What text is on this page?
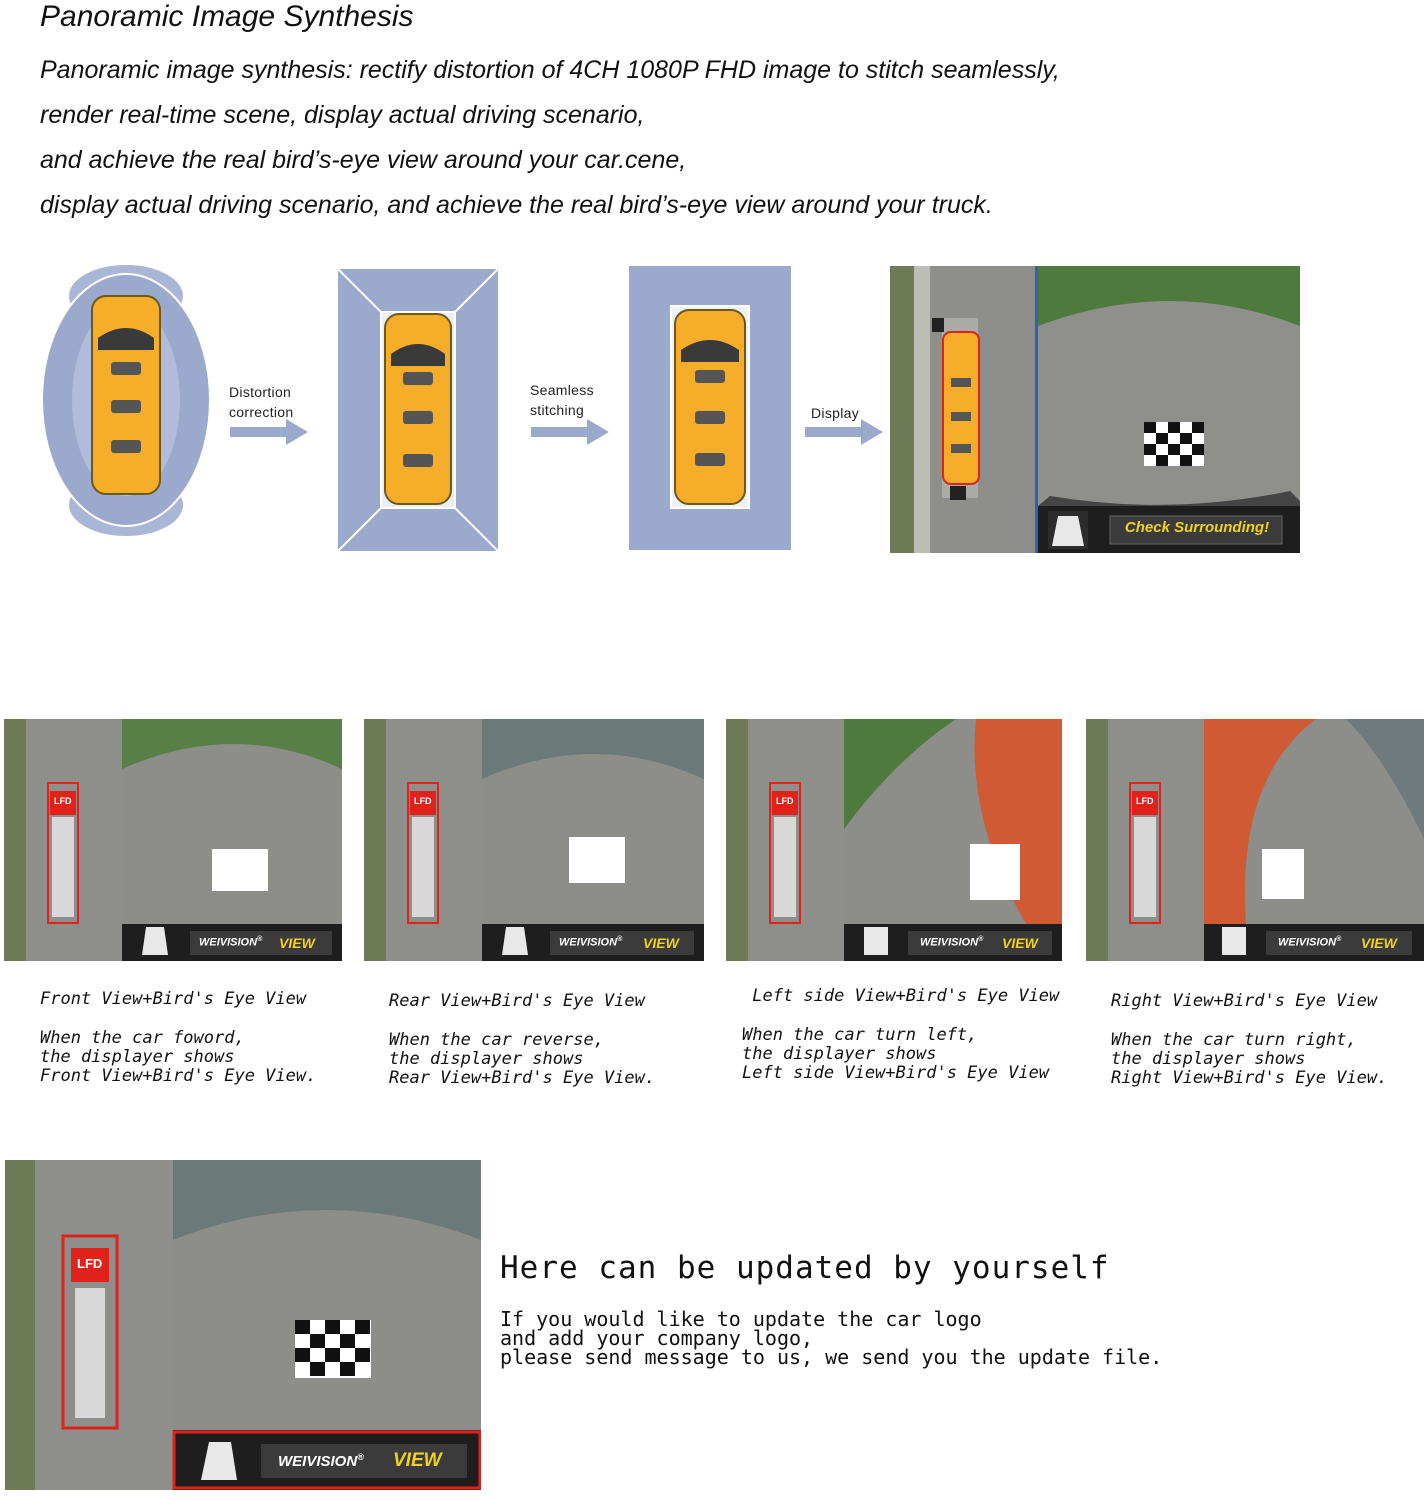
Panoramic Image Synthesis
Panoramic image synthesis: rectify distortion of 4CH 1080P FHD image to stitch seamlessly,
render real-time scene, display actual driving scenario,
and achieve the real bird’s-eye view around your car.cene,
display actual driving scenario, and achieve the real bird’s-eye view around your truck.
Distortion
correction
Seamless
stitching	Display
Check Surrounding!
WEIVISION® VIEW
LFD
WEIVISION® VIEW
LFD
WEIVISION® VIEW
LFD
WEIVISION® VIEW
LFD
Front View+Bird's Eye View
When the car foword,
the displayer shows
Front View+Bird's Eye View.
Rear View+Bird's Eye View
When the car reverse,
the displayer shows
Rear View+Bird's Eye View.
Left side View+Bird's Eye View
When the car turn left,
the displayer shows
Left side View+Bird's Eye View
Right View+Bird's Eye View
When the car turn right,
the displayer shows
Right View+Bird's Eye View.
WEIVISION® VIEW
LFD	Here can be updated by yourself
If you would like to update the car logo
and add your company logo,
please send message to us, we send you the update file.
